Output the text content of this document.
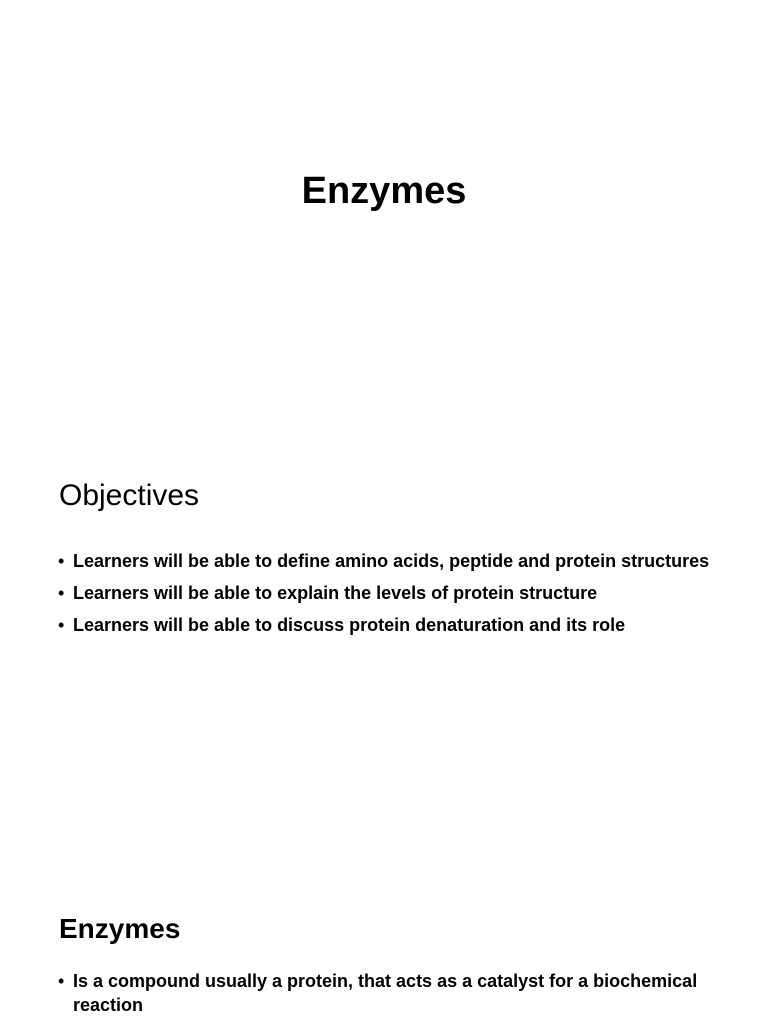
Enzymes
Objectives
• Learners will be able to define amino acids, peptide and protein structures
• Learners will be able to explain the levels of protein structure
• Learners will be able to discuss protein denaturation and its role
Enzymes
• Is a compound usually a protein, that acts as a catalyst for a biochemical reaction
